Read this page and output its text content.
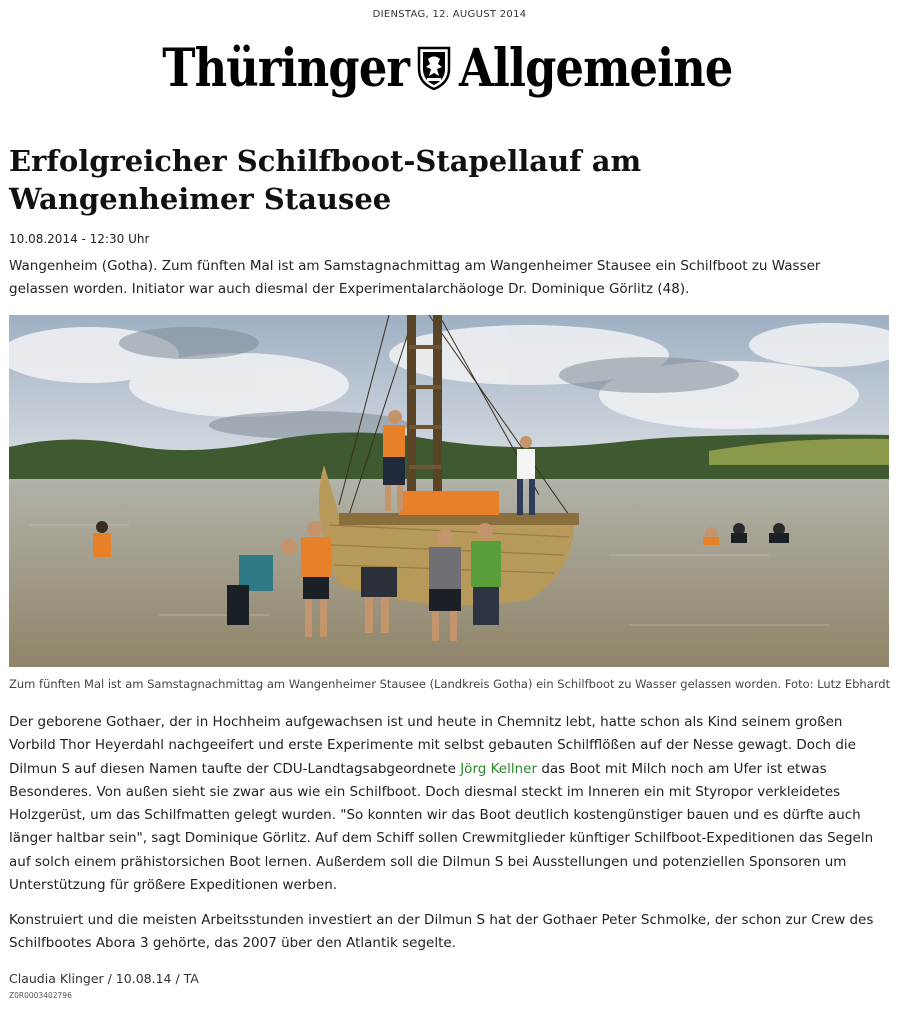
DIENSTAG, 12. AUGUST 2014
Thüringer Allgemeine
Erfolgreicher Schilfboot-Stapellauf am Wangenheimer Stausee
10.08.2014 - 12:30 Uhr

Wangenheim (Gotha). Zum fünften Mal ist am Samstagnachmittag am Wangenheimer Stausee ein Schilfboot zu Wasser gelassen worden. Initiator war auch diesmal der Experimentalarchäologe Dr. Dominique Görlitz (48).

Zum fünften Mal ist am Samstagnachmittag am Wangenheimer Stausee (Landkreis Gotha) ein Schilfboot zu Wasser gelassen worden. Foto: Lutz Ebhardt

Der geborene Gothaer, der in Hochheim aufgewachsen ist und heute in Chemnitz lebt, hatte schon als Kind seinem großen Vorbild Thor Heyerdahl nachgeeifert und erste Experimente mit selbst gebauten Schilfflößen auf der Nesse gewagt. Doch die Dilmun S auf diesen Namen taufte der CDU-Landtagsabgeordnete Jörg Kellner das Boot mit Milch noch am Ufer ist etwas Besonderes. Von außen sieht sie zwar aus wie ein Schilfboot. Doch diesmal steckt im Inneren ein mit Styropor verkleidetes Holzgerüst, um das Schilfmatten gelegt wurden. "So konnten wir das Boot deutlich kostengünstiger bauen und es dürfte auch länger haltbar sein", sagt Dominique Görlitz. Auf dem Schiff sollen Crewmitglieder künftiger Schilfboot-Expeditionen das Segeln auf solch einem prähistorsichen Boot lernen. Außerdem soll die Dilmun S bei Ausstellungen und potenziellen Sponsoren um Unterstützung für größere Expeditionen werben.

Konstruiert und die meisten Arbeitsstunden investiert an der Dilmun S hat der Gothaer Peter Schmolke, der schon zur Crew des Schilfbootes Abora 3 gehörte, das 2007 über den Atlantik segelte.

Claudia Klinger / 10.08.14 / TA
Z0R0003402796
